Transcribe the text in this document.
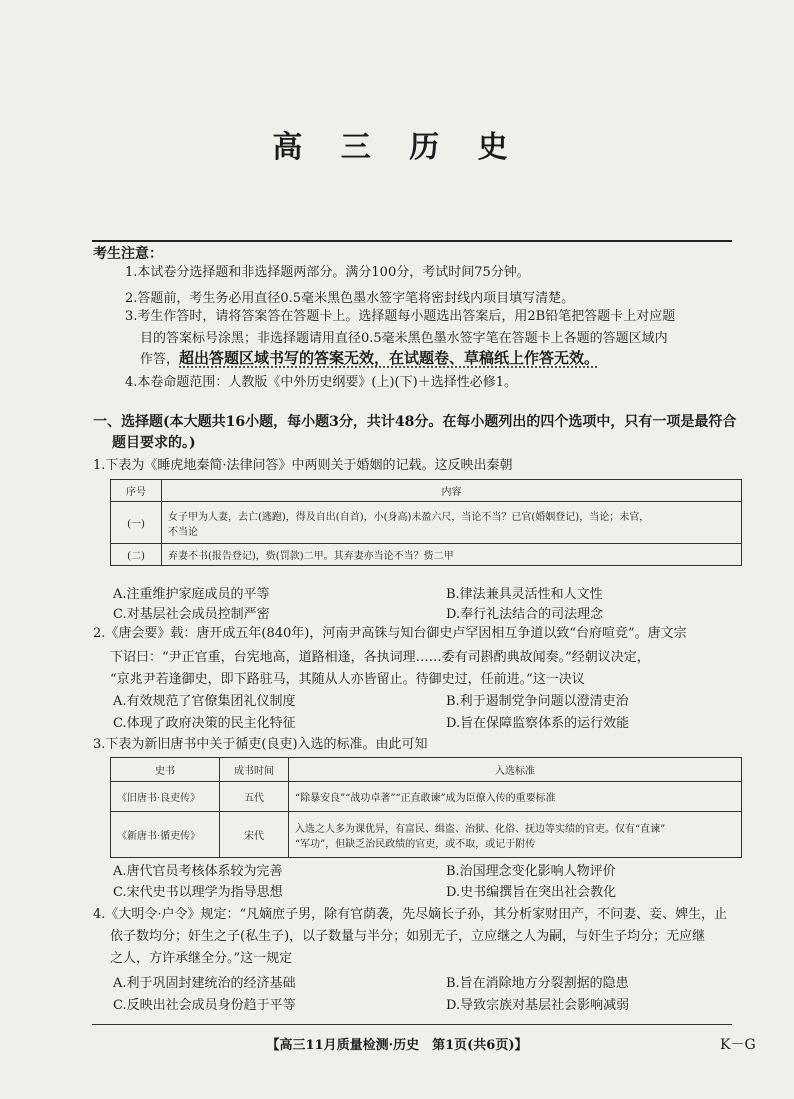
高 三 历 史
考生注意：
1.本试卷分选择题和非选择题两部分。满分100分，考试时间75分钟。
2.答题前，考生务必用直径0.5毫米黑色墨水签字笔将密封线内项目填写清楚。
3.考生作答时，请将答案答在答题卡上。选择题每小题选出答案后，用2B铅笔把答题卡上对应题
目的答案标号涂黑；非选择题请用直径0.5毫米黑色墨水签字笔在答题卡上各题的答题区域内
作答，超出答题区域书写的答案无效，在试题卷、草稿纸上作答无效。
4.本卷命题范围：人教版《中外历史纲要》(上)(下)＋选择性必修1。
一、选择题(本大题共16小题，每小题3分，共计48分。在每小题列出的四个选项中，只有一项是最符合
题目要求的。)
1.下表为《睡虎地秦简·法律问答》中两则关于婚姻的记载。这反映出秦朝
序号	内容
(一)	女子甲为人妻，去亡(逃跑)，得及自出(自首)，小(身高)未盈六尺，当论不当？已官(婚姻登记)，当论；未官，
不当论

(二)	弃妻不书(报告登记)，赀(罚款)二甲。其弃妻亦当论不当？赀二甲
A.注重维护家庭成员的平等	B.律法兼具灵活性和人文性
C.对基层社会成员控制严密	D.奉行礼法结合的司法理念
2.《唐会要》载：唐开成五年(840年)，河南尹高铢与知台御史卢罕因相互争道以致“台府喧竞”。唐文宗
下诏曰：“尹正官重，台宪地高，道路相逢，各执词理……委有司斟酌典故闻奏。”经朝议决定，
“京兆尹若逢御史，即下路驻马，其随从人亦皆留止。待御史过，任前进。”这一决议
A.有效规范了官僚集团礼仪制度	B.利于遏制党争问题以澄清吏治
C.体现了政府决策的民主化特征	D.旨在保障监察体系的运行效能
3.下表为新旧唐书中关于循吏(良吏)入选的标准。由此可知
史书	成书时间	入选标准
《旧唐书·良吏传》	五代	“除暴安良”“战功卓著”“正直敢谏”成为臣僚入传的重要标准
《新唐书·循吏传》	宋代	入选之人多为课优异，有富民、缉盗、治狱、化俗、抚边等实绩的官吏。仅有“直谏”
“军功”，但缺乏治民政绩的官吏，或不取，或记于附传
A.唐代官员考核体系较为完善	B.治国理念变化影响人物评价
C.宋代史书以理学为指导思想	D.史书编撰旨在突出社会教化
4.《大明令·户令》规定：“凡嫡庶子男，除有官荫袭，先尽嫡长子孙，其分析家财田产，不问妻、妾、婢生，止
依子数均分；奸生之子(私生子)，以子数量与半分；如别无子，立应继之人为嗣，与奸生子均分；无应继
之人，方许承继全分。”这一规定
A.利于巩固封建统治的经济基础	B.旨在消除地方分裂割据的隐患
C.反映出社会成员身份趋于平等	D.导致宗族对基层社会影响减弱
【高三11月质量检测·历史　第1页(共6页)】	K－G
